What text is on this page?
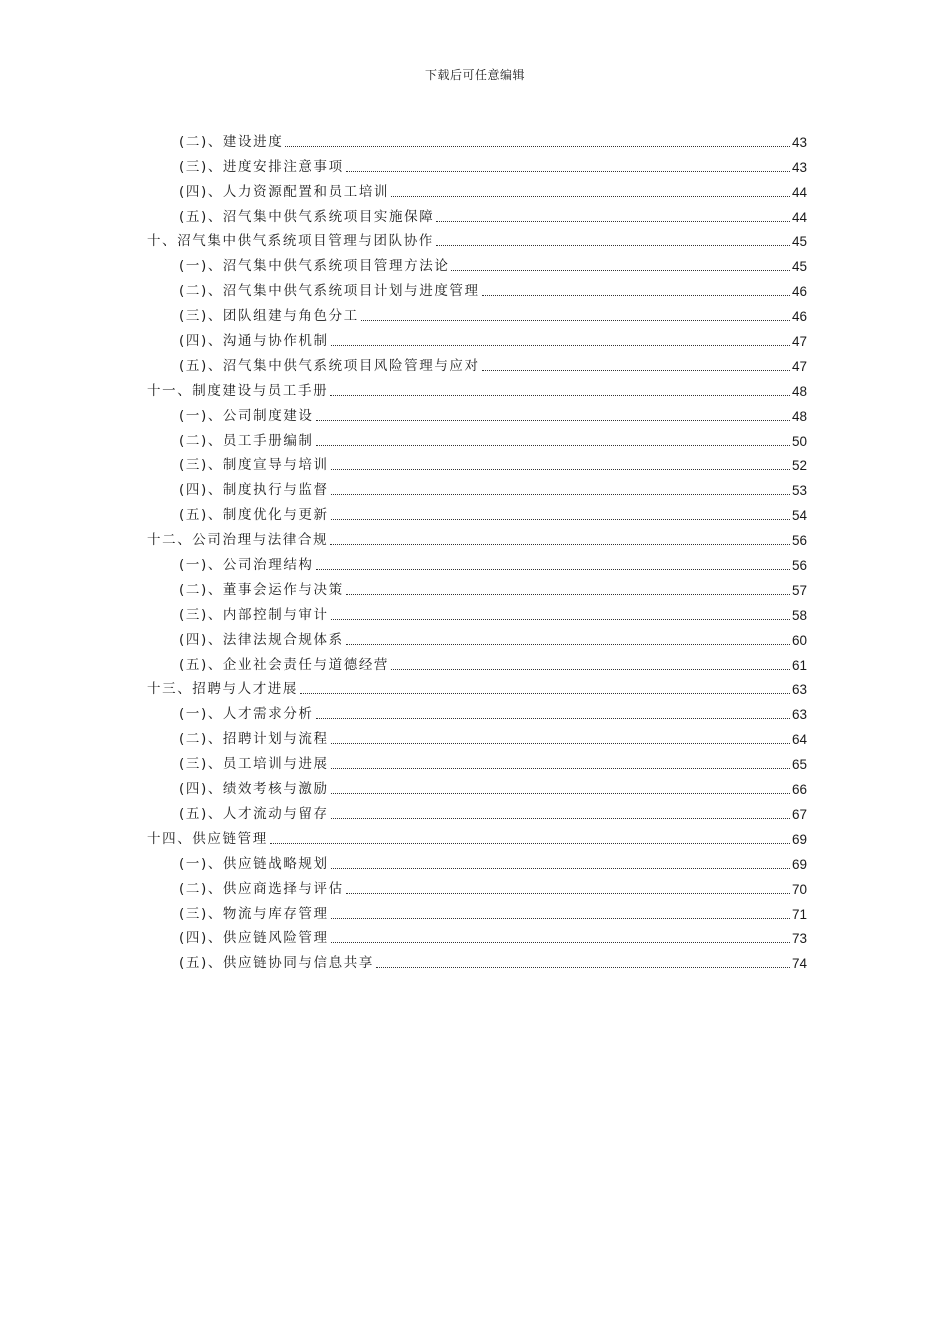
下载后可任意编辑
(二)、建设进度	43
(三)、进度安排注意事项	43
(四)、人力资源配置和员工培训	44
(五)、沼气集中供气系统项目实施保障	44
十、沼气集中供气系统项目管理与团队协作	45
(一)、沼气集中供气系统项目管理方法论	45
(二)、沼气集中供气系统项目计划与进度管理	46
(三)、团队组建与角色分工	46
(四)、沟通与协作机制	47
(五)、沼气集中供气系统项目风险管理与应对	47
十一、制度建设与员工手册	48
(一)、公司制度建设	48
(二)、员工手册编制	50
(三)、制度宣导与培训	52
(四)、制度执行与监督	53
(五)、制度优化与更新	54
十二、公司治理与法律合规	56
(一)、公司治理结构	56
(二)、董事会运作与决策	57
(三)、内部控制与审计	58
(四)、法律法规合规体系	60
(五)、企业社会责任与道德经营	61
十三、招聘与人才进展	63
(一)、人才需求分析	63
(二)、招聘计划与流程	64
(三)、员工培训与进展	65
(四)、绩效考核与激励	66
(五)、人才流动与留存	67
十四、供应链管理	69
(一)、供应链战略规划	69
(二)、供应商选择与评估	70
(三)、物流与库存管理	71
(四)、供应链风险管理	73
(五)、供应链协同与信息共享	74
